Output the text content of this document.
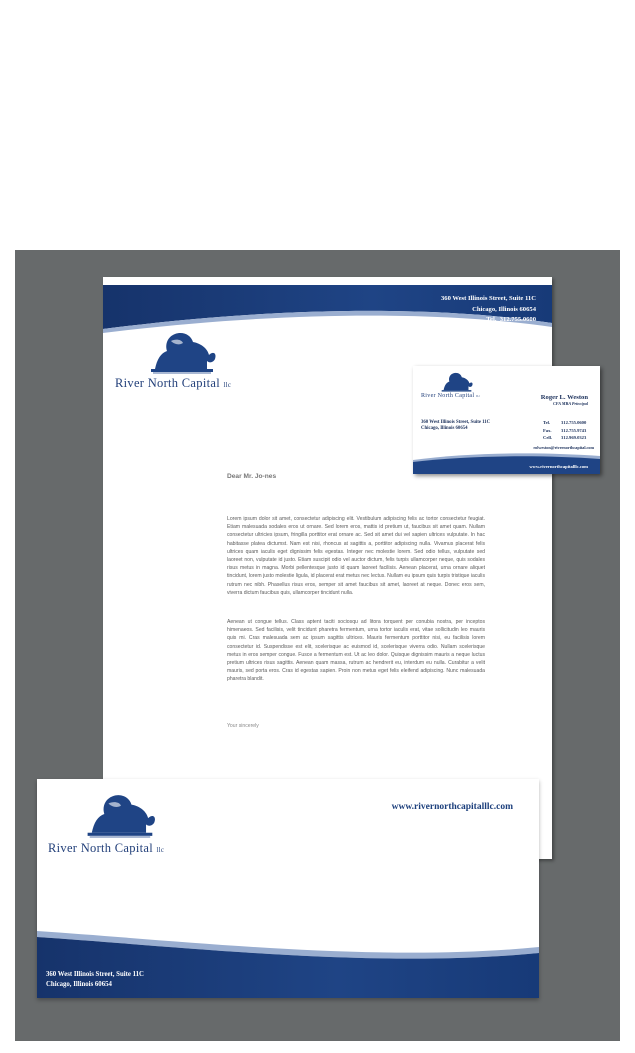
360 West Illinois Street, Suite 11C
Chicago, Illinois 60654
Tel. 312.755.0600
Fax. 312.755.9743
www.rivernorthcapitalllc.com
River North Capital llc
Dear Mr. Jo-nes
Lorem ipsum dolor sit amet, consectetur adipiscing elit. Vestibulum adipiscing felis ac tortor consectetur feugiat. Etiam malesuada sodales eros ut ornare. Sed lorem eros, mattis id pretium ut, faucibus sit amet quam. Nullam consectetur ultricies ipsum, fringilla porttitor erat ornare ac. Sed sit amet dui vel sapien ultrices vulputate. In hac habitasse platea dictumst. Nam est nisi, rhoncus at sagittis a, porttitor adipiscing nulla. Vivamus placerat felis ultrices quam iaculis eget dignissim felis egestas. Integer nec molestie lorem. Sed odio tellus, vulputate sed laoreet non, vulputate id justo. Etiam suscipit odio vel auctor dictum, felis turpis ullamcorper neque, quis sodales risus metus in magna. Morbi pellentesque justo id quam laoreet facilisis. Aenean placerat, urna ornare aliquet tincidunt, lorem justo molestie ligula, id placerat erat metus nec lectus. Nullam eu ipsum quis turpis tristique iaculis rutrum nec nibh. Phasellus risus eros, semper sit amet faucibus sit amet, laoreet at neque. Donec eros sem, viverra dictum faucibus quis, ullamcorper tincidunt nulla.
Aenean ut congue tellus. Class aptent taciti sociosqu ad litora torquent per conubia nostra, per inceptos himenaeos. Sed facilisis, velit tincidunt pharetra fermentum, urna tortor iaculis erat, vitae sollicitudin leo mauris quis mi. Cras malesuada sem ac ipsum sagittis ultrices. Mauris fermentum porttitor nisi, eu facilisis lorem consectetur id. Suspendisse est elit, scelerisque ac euismod id, scelerisque viverra odio. Nullam scelerisque metus in eros semper congue. Fusce a fermentum est. Ut ac leo dolor. Quisque dignissim mauris a neque luctus pretium ultrices risus sagittis. Aenean quam massa, rutrum ac hendrerit eu, interdum eu nulla. Curabitur a velit mauris, sed porta eros. Cras id egestas sapien. Proin non metus eget felis eleifend adipiscing. Nunc malesuada pharetra blandit.
Your sincerely
River North Capital llc	Roger L. Weston
CFA MBA Principal
360 West Illinois Street, Suite 11C
Chicago, Illinois 60654
Tel.	312.755.0600
Fax.	312.755.9743
Cell.	312.969.0323
rolweston@rivernorthcapital.com
www.rivernorthcapitalllc.com
River North Capital llc
www.rivernorthcapitalllc.com
360 West Illinois Street, Suite 11C
Chicago, Illinois 60654
